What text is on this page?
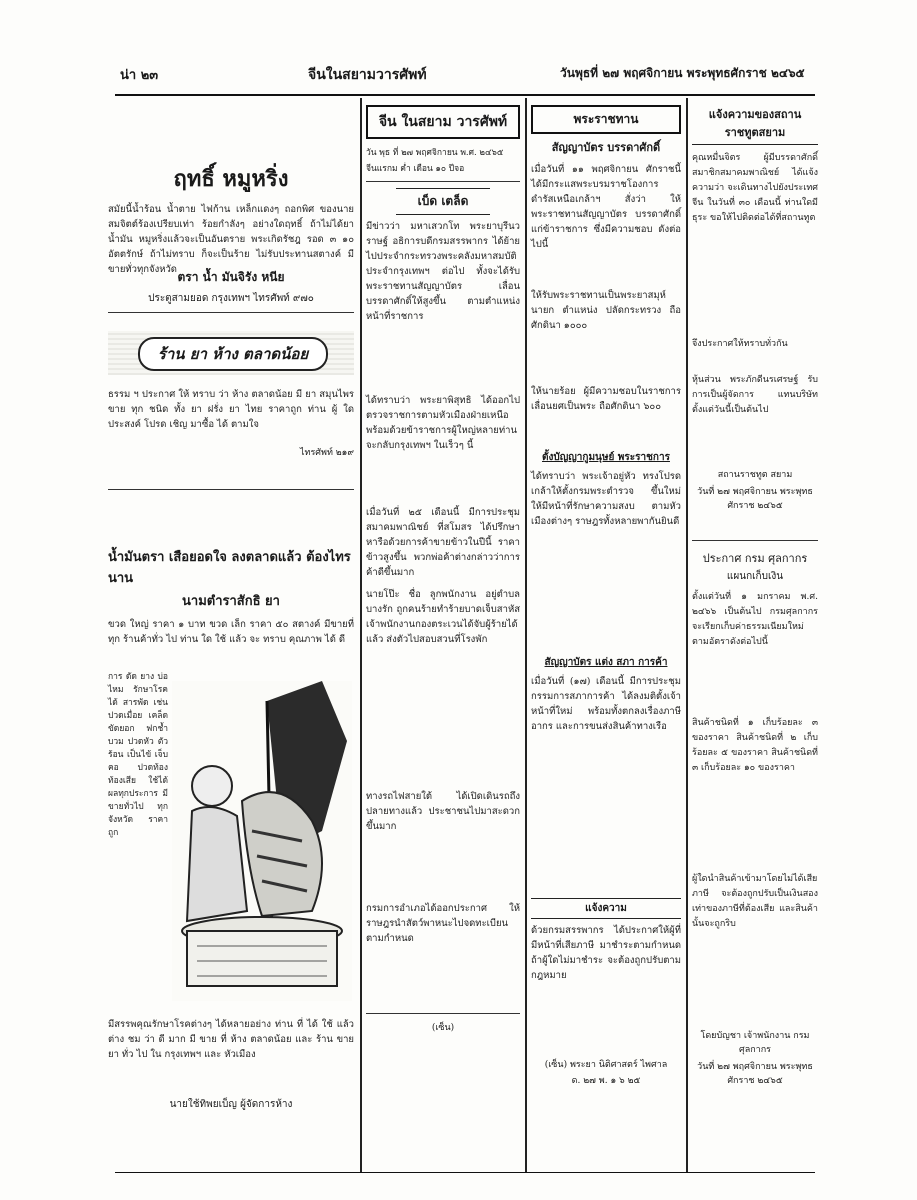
น่า ๒๓	จีนในสยามวารศัพท์	วันพุธที่ ๒๗ พฤศจิกายน พระพุทธศักราช ๒๔๖๕
ฤทธิ์ หมูหริ่ง

สมัยนี้น้ำร้อน น้ำตาย ไฟก้าน เหล็กแดงๆ ถอกพิศ ของนาย สมจิตต์ร้องเปรียบเท่า ร้อยกำลังๆ อย่างใดฤทธิ์ ถ้าไม่ได้ยาน้ำมัน หมูหริ่งแล้วจะเป็นอันตราย พระเกิดรัชฎ รอด ๓ ๑๐ อัตตรักษ์ ถ้าไม่ทราบ ก็จะเป็นร้าย ไม่รับประทานสตางค์ มีขายทั่วทุกจังหวัด

ตรา น้ำ มันจิรัง หนีย
ประตูสามยอด กรุงเทพฯ ไทรศัพท์ ๙๗๐
ร้าน ยา ห้าง ตลาดน้อย

ธรรม ฯ ประกาศ ให้ ทราบ ว่า ห้าง ตลาดน้อย มี ยา สมุนไพร ขาย ทุก ชนิด ทั้ง ยา ฝรั่ง ยา ไทย ราคาถูก ท่าน ผู้ ใด ประสงค์ โปรด เชิญ มาซื้อ ได้ ตามใจ

ไทรศัพท์ ๒๑๙
น้ำมันตรา เสือยอดใจ ลงตลาดแล้ว ต้องไทรนาน
นามตำราสักธิ ยา

ขวด ใหญ่ ราคา ๑ บาท ขวด เล็ก ราคา ๕๐ สตางค์ มีขายที่ทุก ร้านค้าทั่ว ไป ท่าน ใด ใช้ แล้ว จะ ทราบ คุณภาพ ได้ ดี

การ ดัด ยาง บ่อ ไหม รักษาโรค ได้ สารพัด เช่น ปวดเมื่อย เคล็ด ขัดยอก ฟกช้ำ บวม ปวดหัว ตัวร้อน เป็นไข้ เจ็บคอ ปวดท้อง ท้องเสีย ใช้ได้ผลทุกประการ มีขายทั่วไป ทุก จังหวัด ราคา ถูก

มีสรรพคุณรักษาโรคต่างๆ ได้หลายอย่าง ท่าน ที่ ได้ ใช้ แล้ว ต่าง ชม ว่า ดี มาก มี ขาย ที่ ห้าง ตลาดน้อย และ ร้าน ขายยา ทั่ว ไป ใน กรุงเทพฯ และ หัวเมือง

นายใช้ทิพยเบ็ญ ผู้จัดการห้าง
จีน ในสยาม วารศัพท์
วัน พุธ ที่ ๒๗ พฤศจิกายน พ.ศ. ๒๔๖๕
จีนแรกม ค่ำ เดือน ๑๐ ปีจอ
เบ็ด เตล็ด

มีข่าวว่า มหาเสวกโท พระยาบุรีนวราษฐ์ อธิการบดีกรมสรรพากร ได้ย้ายไปประจำกระทรวงพระคลังมหาสมบัติ ประจำกรุงเทพฯ ต่อไป ทั้งจะได้รับพระราชทานสัญญาบัตร เลื่อนบรรดาศักดิ์ให้สูงขึ้น ตามตำแหน่งหน้าที่ราชการ

ได้ทราบว่า พระยาพิสุทธิ ได้ออกไปตรวจราชการตามหัวเมืองฝ่ายเหนือ พร้อมด้วยข้าราชการผู้ใหญ่หลายท่าน จะกลับกรุงเทพฯ ในเร็วๆ นี้

เมื่อวันที่ ๒๕ เดือนนี้ มีการประชุมสมาคมพาณิชย์ ที่สโมสร ได้ปรึกษาหารือด้วยการค้าขายข้าวในปีนี้ ราคาข้าวสูงขึ้น พวกพ่อค้าต่างกล่าวว่าการค้าดีขึ้นมาก

นายโป๊ะ ชื่อ ลูกพนักงาน อยู่ตำบลบางรัก ถูกคนร้ายทำร้ายบาดเจ็บสาหัส เจ้าพนักงานกองตระเวนได้จับผู้ร้ายได้แล้ว ส่งตัวไปสอบสวนที่โรงพัก

ทางรถไฟสายใต้ ได้เปิดเดินรถถึงปลายทางแล้ว ประชาชนไปมาสะดวกขึ้นมาก

กรมการอำเภอได้ออกประกาศ ให้ราษฎรนำสัตว์พาหนะไปจดทะเบียนตามกำหนด

(เซ็น)
พระราชทาน
สัญญาบัตร บรรดาศักดิ์

เมื่อวันที่ ๑๑ พฤศจิกายน ศักราชนี้ ได้มีกระแสพระบรมราชโองการ ดำรัสเหนือเกล้าฯ สั่งว่า ให้พระราชทานสัญญาบัตร บรรดาศักดิ์แก่ข้าราชการ ซึ่งมีความชอบ ดังต่อไปนี้

ให้รับพระราชทานเป็นพระยาสมุห์นายก ตำแหน่ง ปลัดกระทรวง ถือศักดินา ๑๐๐๐

ให้นายร้อย ผู้มีความชอบในราชการ เลื่อนยศเป็นพระ ถือศักดินา ๖๐๐

ตั้งบัญญากูมนุษย์ พระราชการ

ได้ทราบว่า พระเจ้าอยู่หัว ทรงโปรดเกล้าให้ตั้งกรมพระตำรวจ ขึ้นใหม่ ให้มีหน้าที่รักษาความสงบ ตามหัวเมืองต่างๆ ราษฎรทั้งหลายพากันยินดี

สัญญาบัตร แต่ง สภา การค้า

เมื่อวันที่ (๑๗) เดือนนี้ มีการประชุมกรรมการสภาการค้า ได้ลงมติตั้งเจ้าหน้าที่ใหม่ พร้อมทั้งตกลงเรื่องภาษีอากร และการขนส่งสินค้าทางเรือ

แจ้งความ

ด้วยกรมสรรพากร ได้ประกาศให้ผู้ที่มีหน้าที่เสียภาษี มาชำระตามกำหนด ถ้าผู้ใดไม่มาชำระ จะต้องถูกปรับตามกฎหมาย

(เซ็น) พระยา นิติศาสตร์ ไพศาล
ด. ๒๗ พ. ๑ ๖ ๒๕
แจ้งความของสถานราชทูตสยาม

คุณหมื่นจิตร ผู้มีบรรดาศักดิ์ สมาชิกสมาคมพาณิชย์ ได้แจ้งความว่า จะเดินทางไปยังประเทศจีน ในวันที่ ๓๐ เดือนนี้ ท่านใดมีธุระ ขอให้ไปติดต่อได้ที่สถานทูต

จึงประกาศให้ทราบทั่วกัน

หุ้นส่วน พระภักดีนรเศรษฐ์ รับการเป็นผู้จัดการ แทนบริษัท ตั้งแต่วันนี้เป็นต้นไป

สถานราชทูต สยาม
วันที่ ๒๗ พฤศจิกายน พระพุทธศักราช ๒๔๖๕
ประกาศ กรม ศุลกากร
แผนกเก็บเงิน

ตั้งแต่วันที่ ๑ มกราคม พ.ศ. ๒๔๖๖ เป็นต้นไป กรมศุลกากร จะเรียกเก็บค่าธรรมเนียมใหม่ ตามอัตราดังต่อไปนี้

สินค้าชนิดที่ ๑ เก็บร้อยละ ๓ ของราคา สินค้าชนิดที่ ๒ เก็บร้อยละ ๕ ของราคา สินค้าชนิดที่ ๓ เก็บร้อยละ ๑๐ ของราคา

ผู้ใดนำสินค้าเข้ามาโดยไม่ได้เสียภาษี จะต้องถูกปรับเป็นเงินสองเท่าของภาษีที่ต้องเสีย และสินค้านั้นจะถูกริบ

โดยบัญชา เจ้าพนักงาน กรม ศุลกากร
วันที่ ๒๗ พฤศจิกายน พระพุทธศักราช ๒๔๖๕
